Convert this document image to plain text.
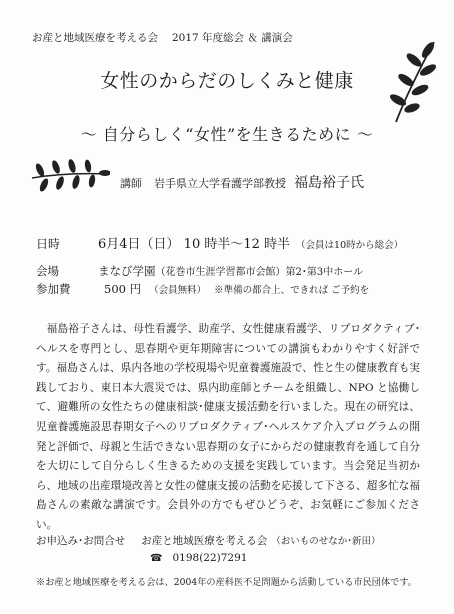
お産と地域医療を考える会 2017 年度総会 ＆ 講演会
女性のからだのしくみと健康
～ 自分らしく“女性”を生きるために ～
講師 岩手県立大学看護学部教授 福島裕子氏
日時	6月4日（日） 10 時半～12 時半 （会員は10時から総会）
会場	まなび学園（花巻市生涯学習都市会館）第2･第3中ホール
参加費	500 円 （会員無料） ※準備の都合上、できれば ご予約を

福島裕子さんは、母性看護学、助産学、女性健康看護学、リプロダクティブ･ヘルスを専門とし、思春期や更年期障害についての講演もわかりやすく好評です。福島さんは、県内各地の学校現場や児童養護施設で、性と生の健康教育も実践しており、東日本大震災では、県内助産師とチームを組織し、NPO と協働して、避難所の女性たちの健康相談･健康支援活動を行いました。現在の研究は、児童養護施設思春期女子へのリプロダクティブ･ヘルスケア介入プログラムの開発と評価で、母親と生活できない思春期の女子にからだの健康教育を通して自分を大切にして自分らしく生きるための支援を実践しています。当会発足当初から、地域の出産環境改善と女性の健康支援の活動を応援して下さる、超多忙な福島さんの素敵な講演です。会員外の方でもぜひどうぞ、お気軽にご参加ください。

お申込み･お問合せ お産と地域医療を考える会 （おいものせなか･新田）
☎ 0198(22)7291
※お産と地域医療を考える会は、2004年の産科医不足問題から活動している市民団体です。
